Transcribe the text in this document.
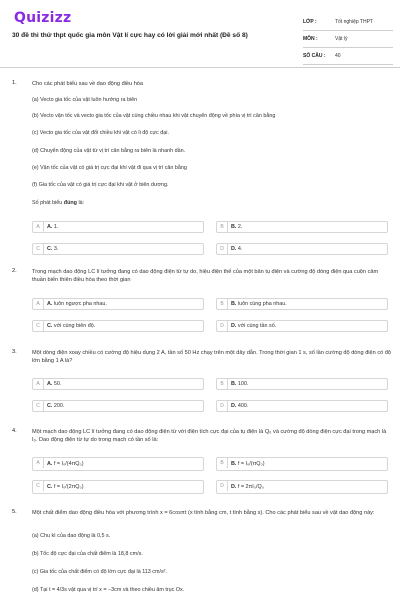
Quizizz
30 đề thi thử thpt quốc gia môn Vật lí cực hay có lời giải mới nhất (Đề số 8)
LỚP :	Tốt nghiệp THPT
MÔN :	Vật lý
SỐ CÂU :	40
1.	Cho các phát biểu sau về dao động điều hòa
(a) Vecto gia tốc của vật luôn hướng ra biên
(b) Vecto vận tốc và vecto gia tốc của vật cùng chiều nhau khi vật chuyển động về phía vị trí cân bằng
(c) Vecto gia tốc của vật đổi chiều khi vật có li độ cực đại.
(d) Chuyển động của vật từ vị trí cân bằng ra biên là nhanh dần.
(e) Vận tốc của vật có giá trị cực đại khi vật đi qua vị trí cân bằng
(f) Gia tốc của vật có giá trị cực đại khi vật ở biên dương.
Số phát biểu đúng là:
A	A. 1.	B	B. 2.
C	C. 3.	D	D. 4.
2.	Trong mạch dao động LC lí tưởng đang có dao động điện từ tự do, hiệu điện thế của một bản tụ điện và cường độ dòng điện qua cuộn cảm thuần biến thiên điều hòa theo thời gian
A	A. luôn ngược pha nhau.	B	B. luôn cùng pha nhau.
C	C. với cùng biên độ.	D	D. với cùng tần số.
3.	Một dòng điện xoay chiều có cường độ hiệu dụng 2 A, tần số 50 Hz chạy trên một dây dẫn. Trong thời gian 1 s, số lần cường độ dòng điện có độ lớn bằng 1 A là?
A	A. 50.	B	B. 100.
C	C. 200.	D	D. 400.
4.	Một mạch dao động LC lí tưởng đang có dao động điện từ với điện tích cực đại của tụ điện là Q₀ và cường độ dòng điện cực đại trong mạch là I₀. Dao động điện từ tự do trong mạch có tần số là:
A	A. f = I₀/(4πQ₀)	B	B. f = I₀/(πQ₀)
C	C. f = I₀/(2πQ₀)	D	D. f = 2πI₀/Q₀
5.	Một chất điểm dao động điều hòa với phương trình x = 6cosπt (x tính bằng cm, t tính bằng s). Cho các phát biểu sau về vật dao động này:
(a) Chu kì của dao động là 0,5 s.
(b) Tốc độ cực đại của chất điểm là 18,8 cm/s.
(c) Gia tốc của chất điểm có độ lớn cực đại là 113 cm/s².
(d) Tại t = 4/3s vật qua vị trí x = −3cm và theo chiều âm trục Ox.
